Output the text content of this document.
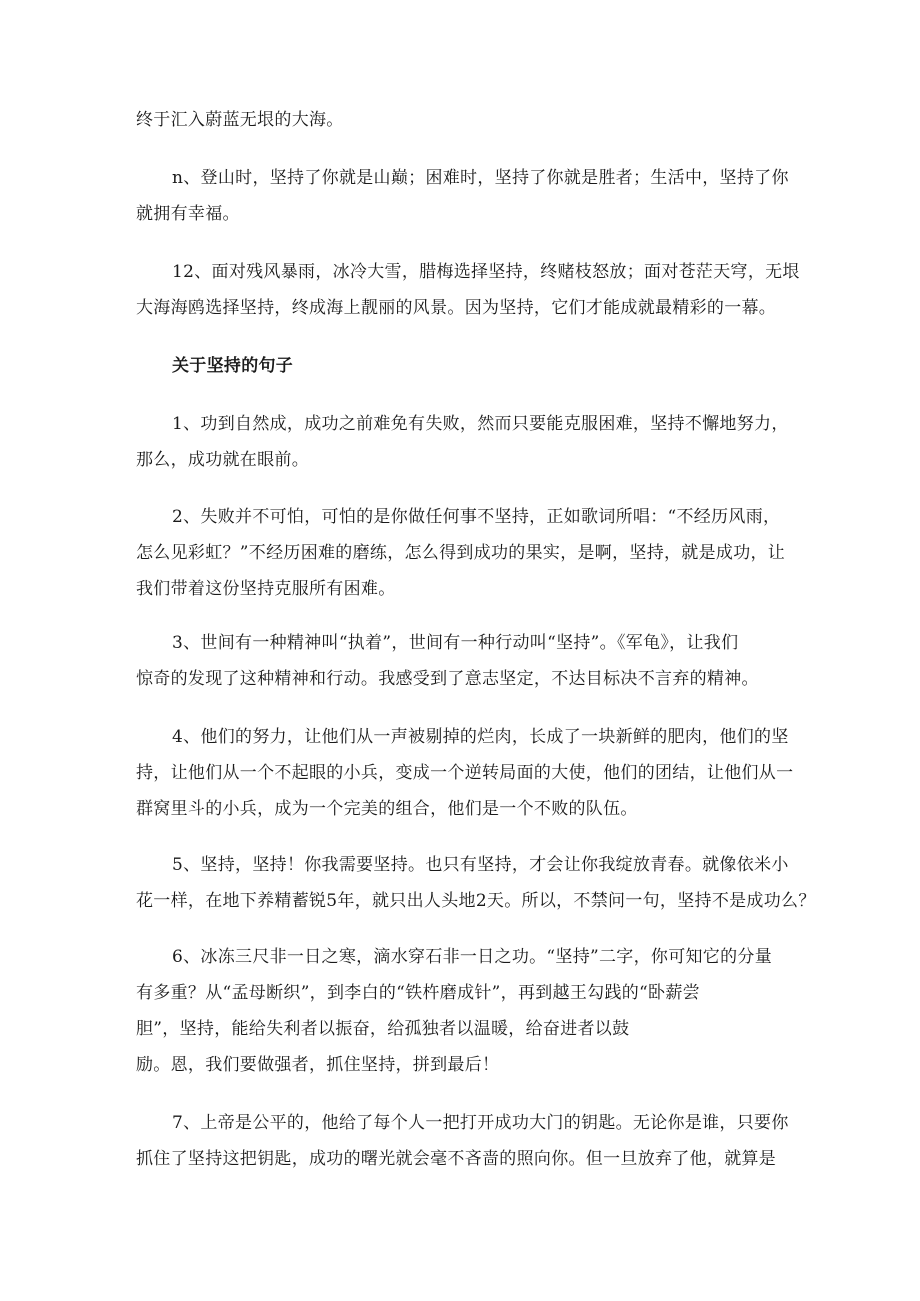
终于汇入蔚蓝无垠的大海。
n、登山时，坚持了你就是山巅；困难时，坚持了你就是胜者；生活中，坚持了你
就拥有幸福。
12、面对残风暴雨，冰冷大雪，腊梅选择坚持，终赌枝怒放；面对苍茫天穹，无垠
大海海鸥选择坚持，终成海上靓丽的风景。因为坚持，它们才能成就最精彩的一幕。
关于坚持的句子
1、功到自然成，成功之前难免有失败，然而只要能克服困难，坚持不懈地努力，
那么，成功就在眼前。
2、失败并不可怕，可怕的是你做任何事不坚持，正如歌词所唱：“不经历风雨，
怎么见彩虹？”不经历困难的磨练，怎么得到成功的果实，是啊，坚持，就是成功，让
我们带着这份坚持克服所有困难。
3、世间有一种精神叫“执着”，世间有一种行动叫“坚持”。《军龟》，让我们
惊奇的发现了这种精神和行动。我感受到了意志坚定，不达目标决不言弃的精神。
4、他们的努力，让他们从一声被剔掉的烂肉，长成了一块新鲜的肥肉，他们的坚
持，让他们从一个不起眼的小兵，变成一个逆转局面的大使，他们的团结，让他们从一
群窝里斗的小兵，成为一个完美的组合，他们是一个不败的队伍。
5、坚持，坚持！你我需要坚持。也只有坚持，才会让你我绽放青春。就像依米小
花一样，在地下养精蓄锐5年，就只出人头地2天。所以，不禁问一句，坚持不是成功么？
6、冰冻三尺非一日之寒，滴水穿石非一日之功。“坚持”二字，你可知它的分量
有多重？从“孟母断织”，到李白的“铁杵磨成针”，再到越王勾践的“卧薪尝
胆”，坚持，能给失利者以振奋，给孤独者以温暖，给奋进者以鼓
励。恩，我们要做强者，抓住坚持，拼到最后！
7、上帝是公平的，他给了每个人一把打开成功大门的钥匙。无论你是谁，只要你
抓住了坚持这把钥匙，成功的曙光就会毫不吝啬的照向你。但一旦放弃了他，就算是
